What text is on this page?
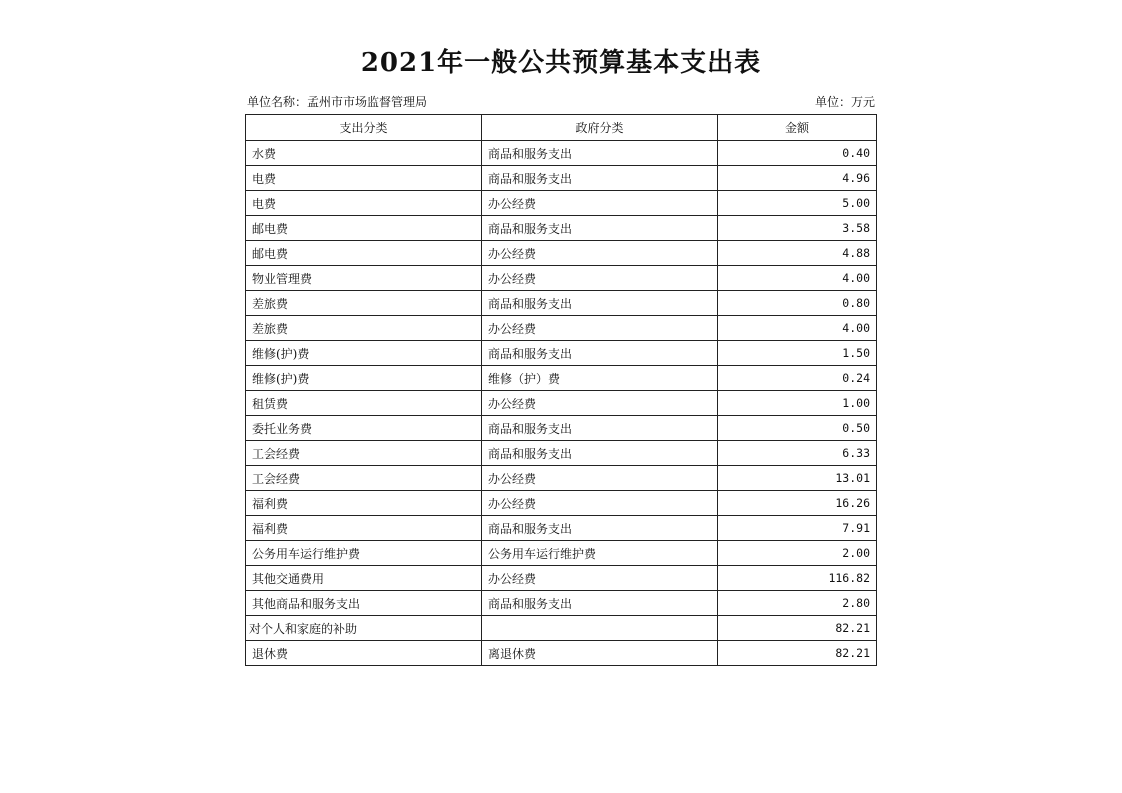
2021年一般公共预算基本支出表
单位名称：孟州市市场监督管理局	单位：万元
支出分类	政府分类	金额
水费	商品和服务支出	0.40
电费	商品和服务支出	4.96
电费	办公经费	5.00
邮电费	商品和服务支出	3.58
邮电费	办公经费	4.88
物业管理费	办公经费	4.00
差旅费	商品和服务支出	0.80
差旅费	办公经费	4.00
维修(护)费	商品和服务支出	1.50
维修(护)费	维修（护）费	0.24
租赁费	办公经费	1.00
委托业务费	商品和服务支出	0.50
工会经费	商品和服务支出	6.33
工会经费	办公经费	13.01
福利费	办公经费	16.26
福利费	商品和服务支出	7.91
公务用车运行维护费	公务用车运行维护费	2.00
其他交通费用	办公经费	116.82
其他商品和服务支出	商品和服务支出	2.80
对个人和家庭的补助		82.21
退休费	离退休费	82.21
